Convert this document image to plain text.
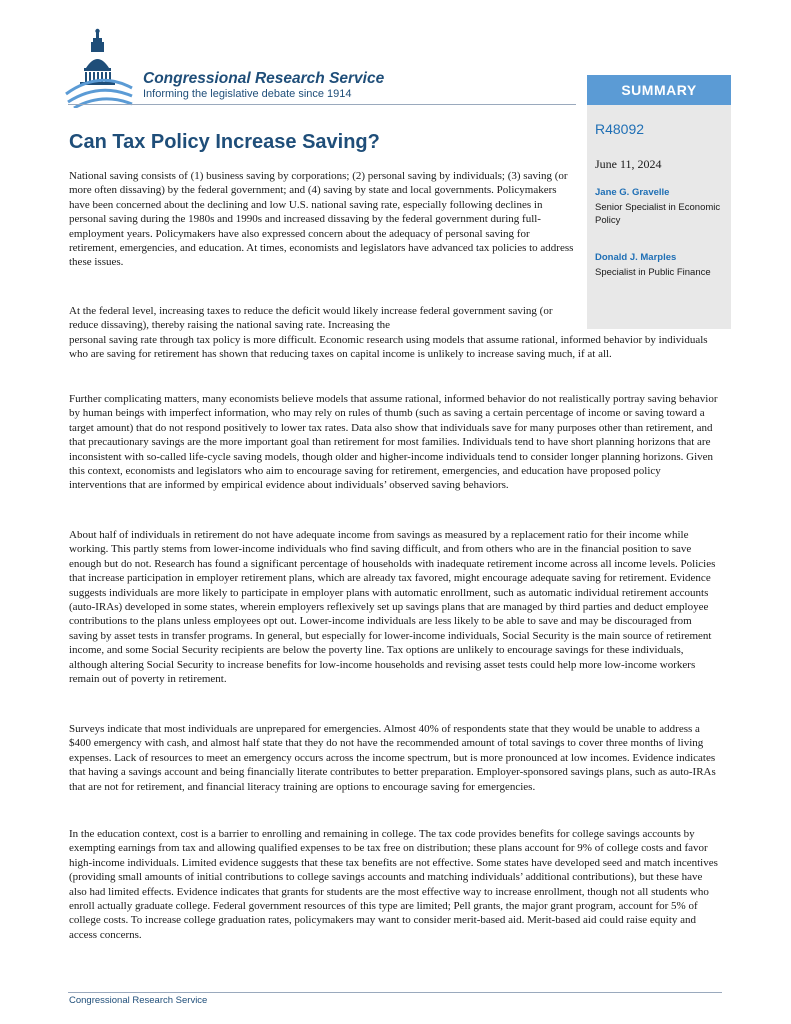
Congressional Research Service
Informing the legislative debate since 1914	SUMMARY
R48092
June 11, 2024
Jane G. Gravelle
Senior Specialist in Economic Policy
Donald J. Marples
Specialist in Public Finance
Can Tax Policy Increase Saving?

National saving consists of (1) business saving by corporations; (2) personal saving by individuals; (3) saving (or more often dissaving) by the federal government; and (4) saving by state and local governments. Policymakers have been concerned about the declining and low U.S. national saving rate, especially following declines in personal saving during the 1980s and 1990s and increased dissaving by the federal government during full-employment years. Policymakers have also expressed concern about the adequacy of personal saving for retirement, emergencies, and education. At times, economists and legislators have advanced tax policies to address these issues.

At the federal level, increasing taxes to reduce the deficit would likely increase federal government saving (or reduce dissaving), thereby raising the national saving rate. Increasing the

personal saving rate through tax policy is more difficult. Economic research using models that assume rational, informed behavior by individuals who are saving for retirement has shown that reducing taxes on capital income is unlikely to increase saving much, if at all.

Further complicating matters, many economists believe models that assume rational, informed behavior do not realistically portray saving behavior by human beings with imperfect information, who may rely on rules of thumb (such as saving a certain percentage of income or saving toward a target amount) that do not respond positively to lower tax rates. Data also show that individuals save for many purposes other than retirement, and that precautionary savings are the more important goal than retirement for most families. Individuals tend to have short planning horizons that are inconsistent with so-called life-cycle saving models, though older and higher-income individuals tend to consider longer planning horizons. Given this context, economists and legislators who aim to encourage saving for retirement, emergencies, and education have proposed policy interventions that are informed by empirical evidence about individuals’ observed saving behaviors.

About half of individuals in retirement do not have adequate income from savings as measured by a replacement ratio for their income while working. This partly stems from lower-income individuals who find saving difficult, and from others who are in the financial position to save enough but do not. Research has found a significant percentage of households with inadequate retirement income across all income levels. Policies that increase participation in employer retirement plans, which are already tax favored, might encourage adequate saving for retirement. Evidence suggests individuals are more likely to participate in employer plans with automatic enrollment, such as automatic individual retirement accounts (auto-IRAs) developed in some states, wherein employers reflexively set up savings plans that are managed by third parties and deduct employee contributions to the plans unless employees opt out. Lower-income individuals are less likely to be able to save and may be discouraged from saving by asset tests in transfer programs. In general, but especially for lower-income individuals, Social Security is the main source of retirement income, and some Social Security recipients are below the poverty line. Tax options are unlikely to encourage savings for these individuals, although altering Social Security to increase benefits for low-income households and revising asset tests could help more low-income workers remain out of poverty in retirement.

Surveys indicate that most individuals are unprepared for emergencies. Almost 40% of respondents state that they would be unable to address a $400 emergency with cash, and almost half state that they do not have the recommended amount of total savings to cover three months of living expenses. Lack of resources to meet an emergency occurs across the income spectrum, but is more pronounced at low incomes. Evidence indicates that having a savings account and being financially literate contributes to better preparation. Employer-sponsored savings plans, such as auto-IRAs that are not for retirement, and financial literacy training are options to encourage saving for emergencies.

In the education context, cost is a barrier to enrolling and remaining in college. The tax code provides benefits for college savings accounts by exempting earnings from tax and allowing qualified expenses to be tax free on distribution; these plans account for 9% of college costs and favor high-income individuals. Limited evidence suggests that these tax benefits are not effective. Some states have developed seed and match incentives (providing small amounts of initial contributions to college savings accounts and matching individuals’ additional contributions), but these have also had limited effects. Evidence indicates that grants for students are the most effective way to increase enrollment, though not all students who enroll actually graduate college. Federal government resources of this type are limited; Pell grants, the major grant program, account for 5% of college costs. To increase college graduation rates, policymakers may want to consider merit-based aid. Merit-based aid could raise equity and access concerns.

Congressional Research Service
